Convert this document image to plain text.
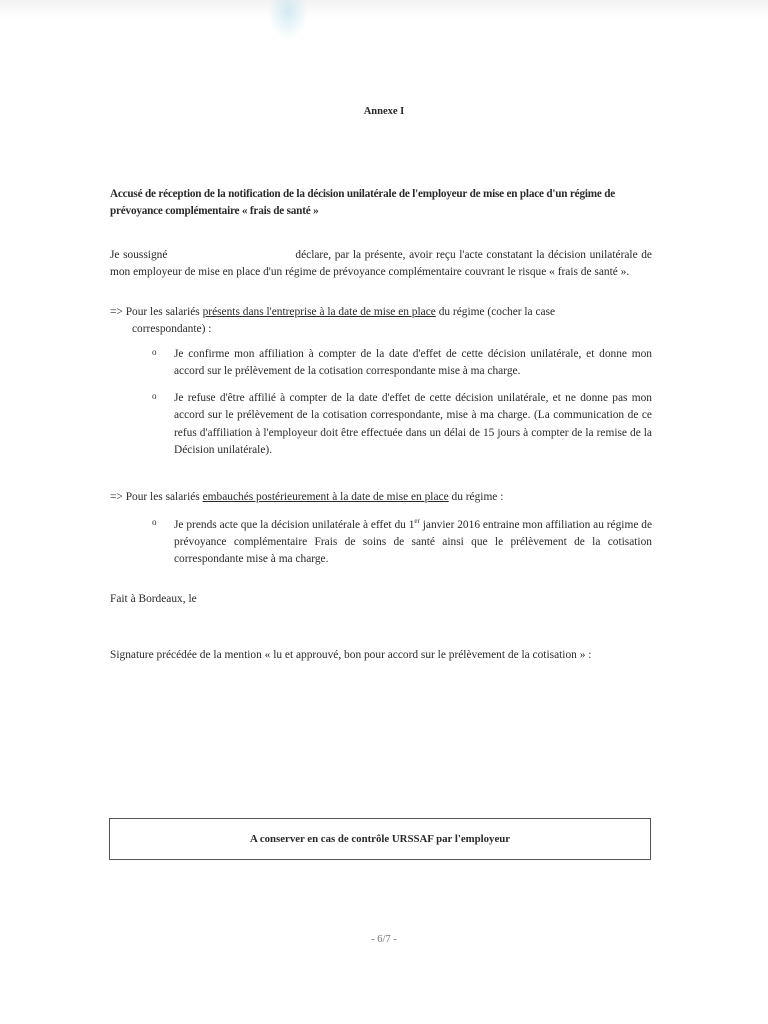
Annexe I
Accusé de réception de la notification de la décision unilatérale de l'employeur de mise en place d'un régime de prévoyance complémentaire « frais de santé »
Je soussigné	déclare, par la présente, avoir reçu l'acte constatant la décision unilatérale de mon employeur de mise en place d'un régime de prévoyance complémentaire couvrant le risque « frais de santé ».
=> Pour les salariés présents dans l'entreprise à la date de mise en place du régime (cocher la case
correspondante) :
o Je confirme mon affiliation à compter de la date d'effet de cette décision unilatérale, et donne mon accord sur le prélèvement de la cotisation correspondante mise à ma charge.
o Je refuse d'être affilié à compter de la date d'effet de cette décision unilatérale, et ne donne pas mon accord sur le prélèvement de la cotisation correspondante, mise à ma charge. (La communication de ce refus d'affiliation à l'employeur doit être effectuée dans un délai de 15 jours à compter de la remise de la Décision unilatérale).
=> Pour les salariés embauchés postérieurement à la date de mise en place du régime :
o Je prends acte que la décision unilatérale à effet du 1er janvier 2016 entraine mon affiliation au régime de prévoyance complémentaire Frais de soins de santé ainsi que le prélèvement de la cotisation correspondante mise à ma charge.
Fait à Bordeaux, le
Signature précédée de la mention « lu et approuvé, bon pour accord sur le prélèvement de la cotisation » :
A conserver en cas de contrôle URSSAF par l'employeur
- 6/7 -
